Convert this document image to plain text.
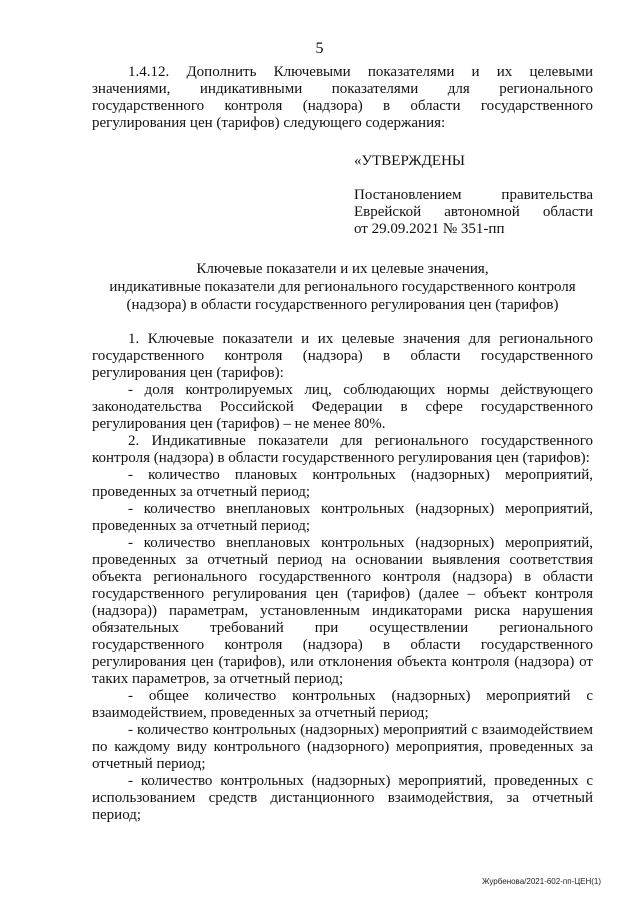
5

1.4.12. Дополнить Ключевыми показателями и их целевыми значениями, индикативными показателями для регионального государственного контроля (надзора) в области государственного регулирования цен (тарифов) следующего содержания:

«УТВЕРЖДЕНЫ
Постановлением правительства
Еврейской автономной области
от 29.09.2021 № 351-пп
Ключевые показатели и их целевые значения,
индикативные показатели для регионального государственного контроля
(надзора) в области государственного регулирования цен (тарифов)

1. Ключевые показатели и их целевые значения для регионального государственного контроля (надзора) в области государственного регулирования цен (тарифов):

- доля контролируемых лиц, соблюдающих нормы действующего законодательства Российской Федерации в сфере государственного регулирования цен (тарифов) – не менее 80%.

2. Индикативные показатели для регионального государственного контроля (надзора) в области государственного регулирования цен (тарифов):

- количество плановых контрольных (надзорных) мероприятий, проведенных за отчетный период;

- количество внеплановых контрольных (надзорных) мероприятий, проведенных за отчетный период;

- количество внеплановых контрольных (надзорных) мероприятий, проведенных за отчетный период на основании выявления соответствия объекта регионального государственного контроля (надзора) в области государственного регулирования цен (тарифов) (далее – объект контроля (надзора)) параметрам, установленным индикаторами риска нарушения обязательных требований при осуществлении регионального государственного контроля (надзора) в области государственного регулирования цен (тарифов), или отклонения объекта контроля (надзора) от таких параметров, за отчетный период;

- общее количество контрольных (надзорных) мероприятий с взаимодействием, проведенных за отчетный период;

- количество контрольных (надзорных) мероприятий с взаимодействием по каждому виду контрольного (надзорного) мероприятия, проведенных за отчетный период;

- количество контрольных (надзорных) мероприятий, проведенных с использованием средств дистанционного взаимодействия, за отчетный период;

Журбенова/2021-602-пп-ЦЕН(1)
